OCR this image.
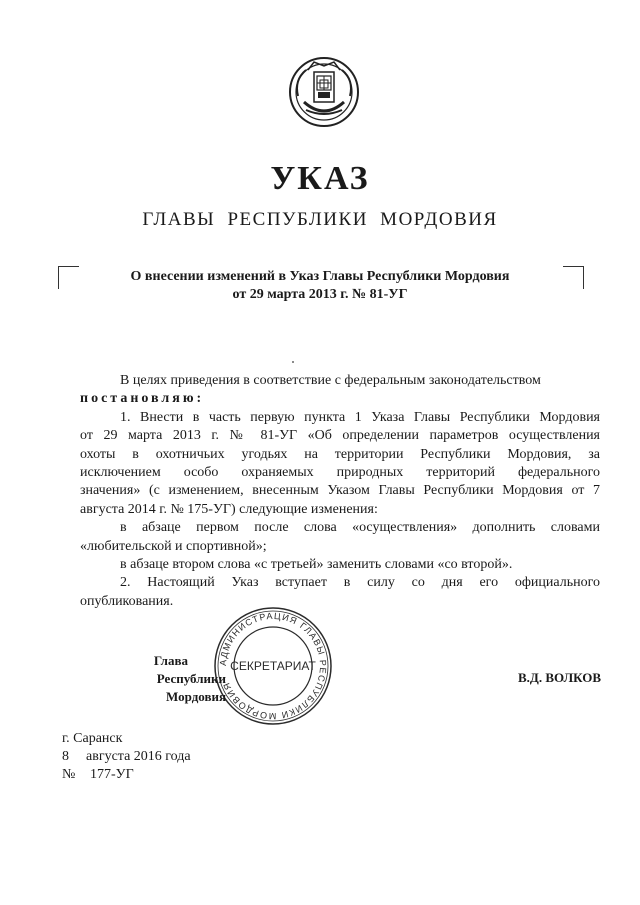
УКАЗ
ГЛАВЫ РЕСПУБЛИКИ МОРДОВИЯ
О внесении изменений в Указ Главы Республики Мордовия
от 29 марта 2013 г. № 81-УГ

В целях приведения в соответствие с федеральным законодательством

постановляю:

1. Внести в часть первую пункта 1 Указа Главы Республики Мордовия

от 29 марта 2013 г. № 81-УГ «Об определении параметров осуществления

охоты в охотничьих угодьях на территории Республики Мордовия, за

исключением особо охраняемых природных территорий федерального

значения» (с изменением, внесенным Указом Главы Республики Мордовия от 7

августа 2014 г. № 175-УГ) следующие изменения:

в абзаце первом после слова «осуществления» дополнить словами

«любительской и спортивной»;

в абзаце втором слова «с третьей» заменить словами «со второй».

2. Настоящий Указ вступает в силу со дня его официального

опубликования.

АДМИНИСТРАЦИЯ ГЛАВЫ РЕСПУБЛИКИ МОРДОВИЯ
СЕКРЕТАРИАТ
Глава
Республики Мордовия
В.Д. ВОЛКОВ
г. Саранск
8 августа 2016 года
№ 177-УГ
